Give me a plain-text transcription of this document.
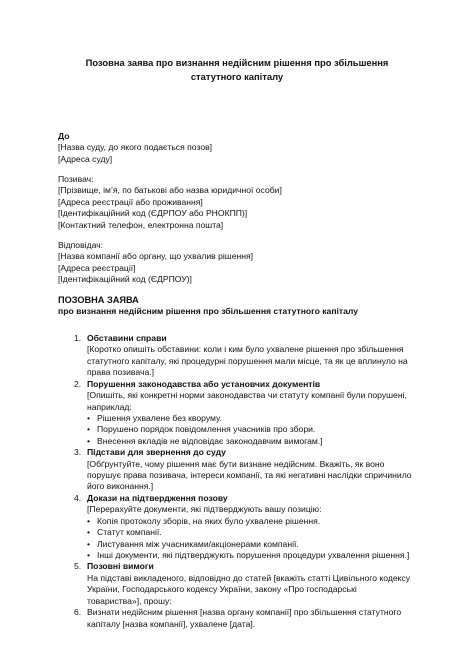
Позовна заява про визнання недійсним рішення про збільшення
статутного капіталу
До
[Назва суду, до якого подається позов]
[Адреса суду]
Позивач:
[Прізвище, ім’я, по батькові або назва юридичної особи]
[Адреса реєстрації або проживання]
[Ідентифікаційний код (ЄДРПОУ або РНОКПП)]
[Контактний телефон, електронна пошта]
Відповідач:
[Назва компанії або органу, що ухвалив рішення]
[Адреса реєстрації]
[Ідентифікаційний код (ЄДРПОУ)]
ПОЗОВНА ЗАЯВА
про визнання недійсним рішення про збільшення статутного капіталу
1. Обставини справи
[Коротко опишіть обставини: коли і ким було ухвалене рішення про збільшення
статутного капіталу, які процедурні порушення мали місце, та як це вплинуло на
права позивача.]
2. Порушення законодавства або установчих документів
[Опишіть, які конкретні норми законодавства чи статуту компанії були порушені,
наприклад:
• Рішення ухвалене без кворуму.
• Порушено порядок повідомлення учасників про збори.
• Внесення вкладів не відповідає законодавчим вимогам.]
3. Підстави для звернення до суду
[Обґрунтуйте, чому рішення має бути визнане недійсним. Вкажіть, як воно
порушує права позивача, інтереси компанії, та які негативні наслідки спричинило
його виконання.]
4. Докази на підтвердження позову
[Перерахуйте документи, які підтверджують вашу позицію:
• Копія протоколу зборів, на яких було ухвалене рішення.
• Статут компанії.
• Листування між учасниками/акціонерами компанії.
• Інші документи, які підтверджують порушення процедури ухвалення рішення.]
5. Позовні вимоги
На підставі викладеного, відповідно до статей [вкажіть статті Цивільного кодексу
України, Господарського кодексу України, закону «Про господарські
товариства»], прошу:
6. Визнати недійсним рішення [назва органу компанії] про збільшення статутного
капіталу [назва компанії], ухвалене [дата].
